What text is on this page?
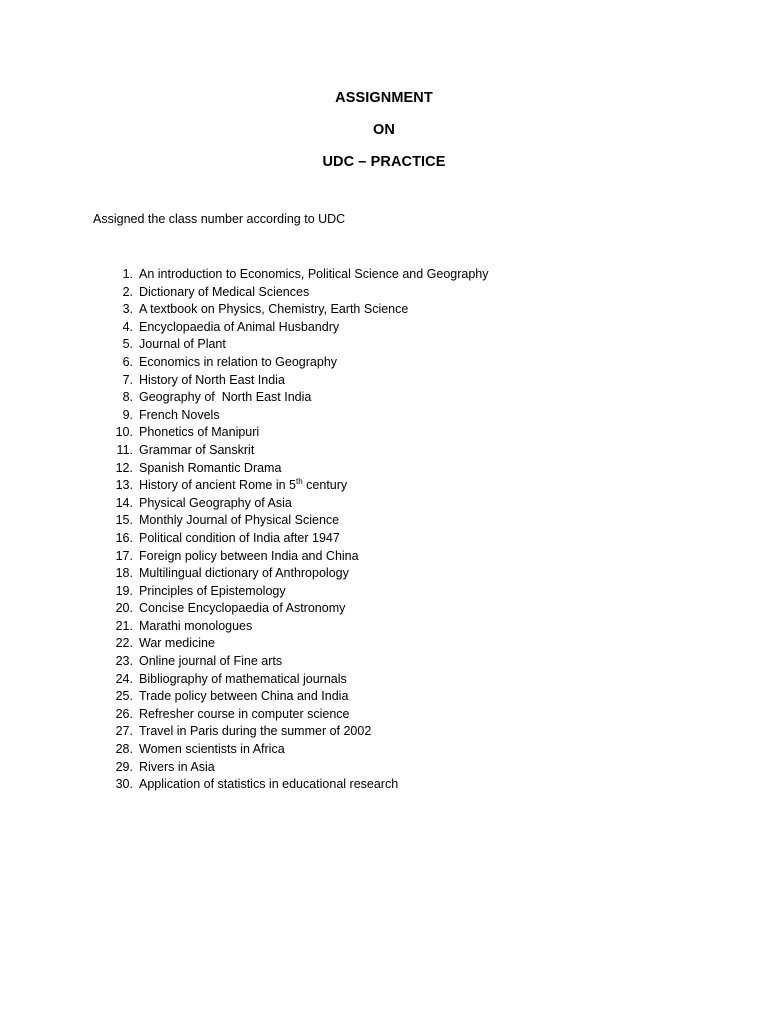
ASSIGNMENT
ON
UDC – PRACTICE
Assigned the class number according to UDC
1. An introduction to Economics, Political Science and Geography
2. Dictionary of Medical Sciences
3. A textbook on Physics, Chemistry, Earth Science
4. Encyclopaedia of Animal Husbandry
5. Journal of Plant
6. Economics in relation to Geography
7. History of North East India
8. Geography of  North East India
9. French Novels
10. Phonetics of Manipuri
11. Grammar of Sanskrit
12. Spanish Romantic Drama
13. History of ancient Rome in 5th century
14. Physical Geography of Asia
15. Monthly Journal of Physical Science
16. Political condition of India after 1947
17. Foreign policy between India and China
18. Multilingual dictionary of Anthropology
19. Principles of Epistemology
20. Concise Encyclopaedia of Astronomy
21. Marathi monologues
22. War medicine
23. Online journal of Fine arts
24. Bibliography of mathematical journals
25. Trade policy between China and India
26. Refresher course in computer science
27. Travel in Paris during the summer of 2002
28. Women scientists in Africa
29. Rivers in Asia
30. Application of statistics in educational research
